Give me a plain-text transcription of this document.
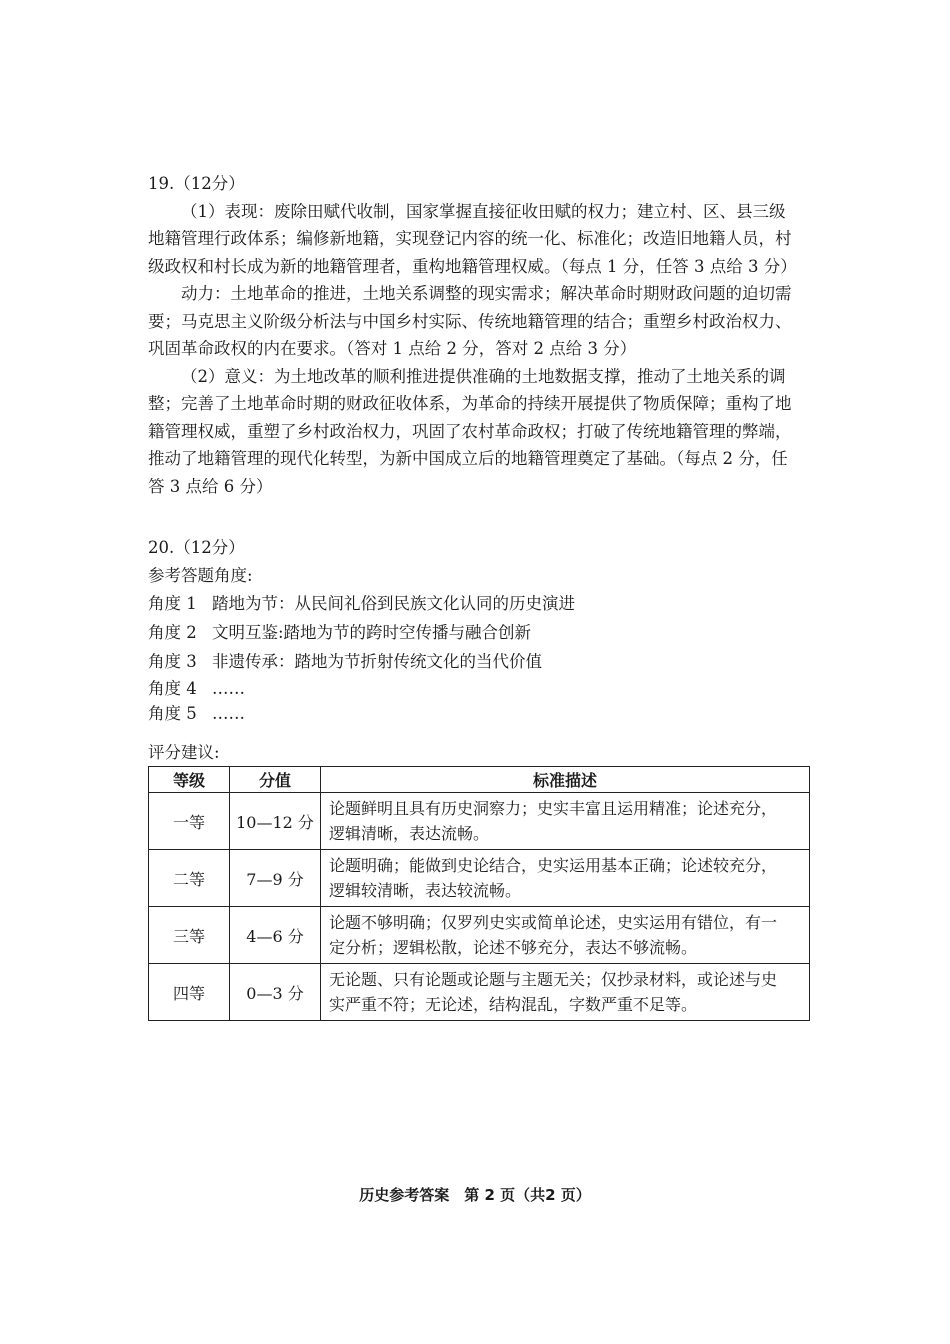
19.（12分）
（1）表现：废除田赋代收制，国家掌握直接征收田赋的权力；建立村、区、县三级
地籍管理行政体系；编修新地籍，实现登记内容的统一化、标准化；改造旧地籍人员，村
级政权和村长成为新的地籍管理者，重构地籍管理权威。（每点 1 分，任答 3 点给 3 分）
动力：土地革命的推进，土地关系调整的现实需求；解决革命时期财政问题的迫切需
要；马克思主义阶级分析法与中国乡村实际、传统地籍管理的结合；重塑乡村政治权力、
巩固革命政权的内在要求。（答对 1 点给 2 分，答对 2 点给 3 分）
（2）意义：为土地改革的顺利推进提供准确的土地数据支撑，推动了土地关系的调
整；完善了土地革命时期的财政征收体系，为革命的持续开展提供了物质保障；重构了地
籍管理权威，重塑了乡村政治权力，巩固了农村革命政权；打破了传统地籍管理的弊端，
推动了地籍管理的现代化转型，为新中国成立后的地籍管理奠定了基础。（每点 2 分，任
答 3 点给 6 分）
20.（12分）
参考答题角度:
角度 1 踏地为节：从民间礼俗到民族文化认同的历史演进
角度 2 文明互鉴:踏地为节的跨时空传播与融合创新
角度 3 非遗传承：踏地为节折射传统文化的当代价值
角度 4 ……
角度 5 ……
评分建议:
等级	分值	标准描述
一等	10—12 分	论题鲜明且具有历史洞察力；史实丰富且运用精准；论述充分，
逻辑清晰，表达流畅。

二等	7—9 分	论题明确；能做到史论结合，史实运用基本正确；论述较充分，
逻辑较清晰，表达较流畅。

三等	4—6 分	论题不够明确；仅罗列史实或简单论述，史实运用有错位，有一
定分析；逻辑松散，论述不够充分，表达不够流畅。

四等	0—3 分	无论题、只有论题或论题与主题无关；仅抄录材料，或论述与史
实严重不符；无论述，结构混乱，字数严重不足等。
历史参考答案　第 2 页（共2 页）
